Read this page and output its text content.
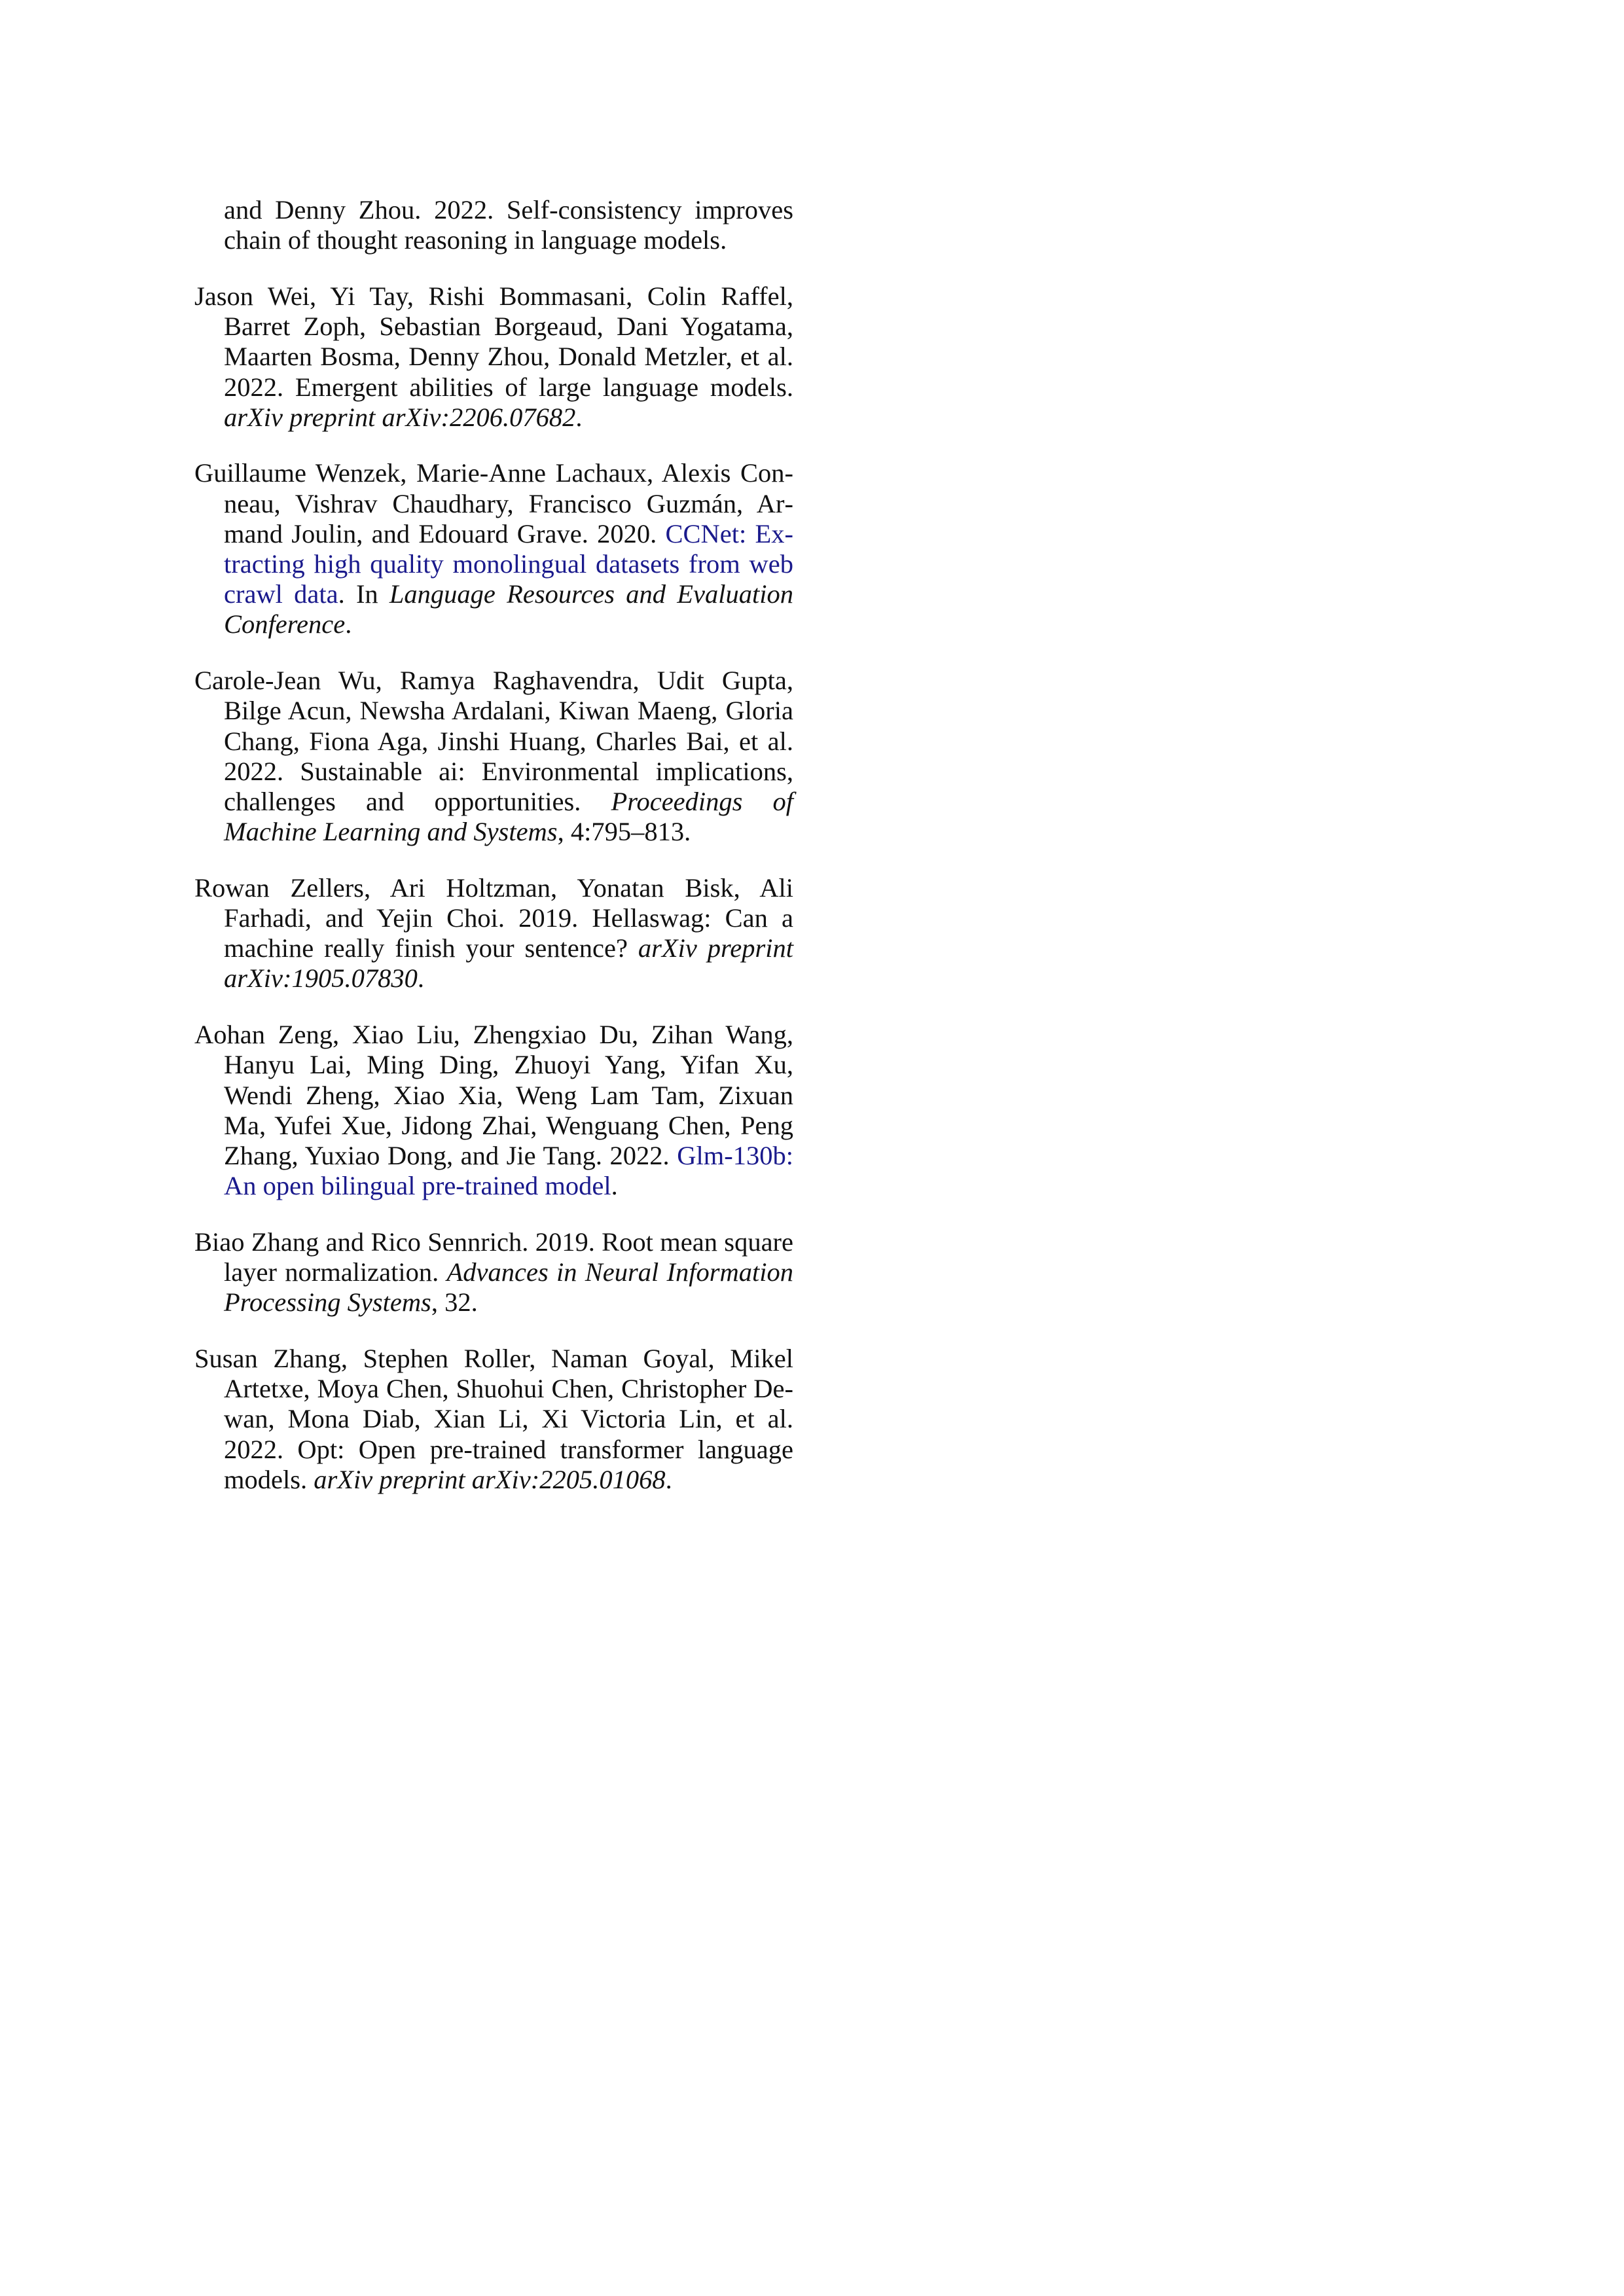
and Denny Zhou. 2022. Self-consistency improves chain of thought reasoning in language models.

Jason Wei, Yi Tay, Rishi Bommasani, Colin Raffel, Barret Zoph, Sebastian Borgeaud, Dani Yogatama, Maarten Bosma, Denny Zhou, Donald Metzler, et al. 2022. Emergent abilities of large language models. arXiv preprint arXiv:2206.07682.

Guillaume Wenzek, Marie-Anne Lachaux, Alexis Conneau, Vishrav Chaudhary, Francisco Guzmán, Armand Joulin, and Edouard Grave. 2020. CCNet: Extracting high quality monolingual datasets from web crawl data. In Language Resources and Evaluation Conference.

Carole-Jean Wu, Ramya Raghavendra, Udit Gupta, Bilge Acun, Newsha Ardalani, Kiwan Maeng, Gloria Chang, Fiona Aga, Jinshi Huang, Charles Bai, et al. 2022. Sustainable ai: Environmental implications, challenges and opportunities. Proceedings of Machine Learning and Systems, 4:795–813.

Rowan Zellers, Ari Holtzman, Yonatan Bisk, Ali Farhadi, and Yejin Choi. 2019. Hellaswag: Can a machine really finish your sentence? arXiv preprint arXiv:1905.07830.

Aohan Zeng, Xiao Liu, Zhengxiao Du, Zihan Wang, Hanyu Lai, Ming Ding, Zhuoyi Yang, Yifan Xu, Wendi Zheng, Xiao Xia, Weng Lam Tam, Zixuan Ma, Yufei Xue, Jidong Zhai, Wenguang Chen, Peng Zhang, Yuxiao Dong, and Jie Tang. 2022. Glm-130b: An open bilingual pre-trained model.

Biao Zhang and Rico Sennrich. 2019. Root mean square layer normalization. Advances in Neural Information Processing Systems, 32.

Susan Zhang, Stephen Roller, Naman Goyal, Mikel Artetxe, Moya Chen, Shuohui Chen, Christopher Dewan, Mona Diab, Xian Li, Xi Victoria Lin, et al. 2022. Opt: Open pre-trained transformer language models. arXiv preprint arXiv:2205.01068.
